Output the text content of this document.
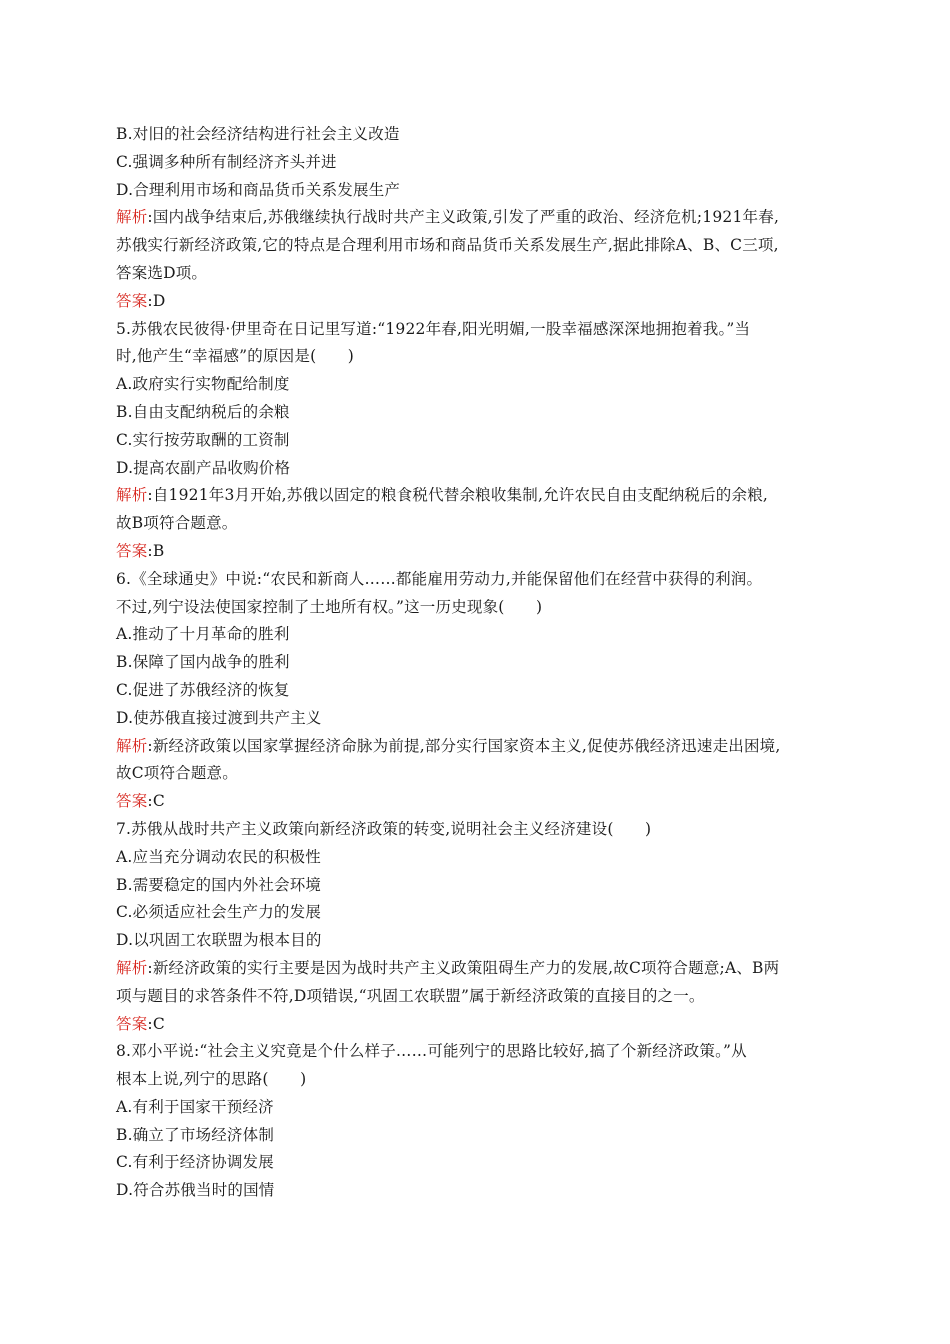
B.对旧的社会经济结构进行社会主义改造
C.强调多种所有制经济齐头并进
D.合理利用市场和商品货币关系发展生产
解析:国内战争结束后,苏俄继续执行战时共产主义政策,引发了严重的政治、经济危机;1921年春,
苏俄实行新经济政策,它的特点是合理利用市场和商品货币关系发展生产,据此排除A、B、C三项,
答案选D项。
答案:D
5.苏俄农民彼得·伊里奇在日记里写道:“1922年春,阳光明媚,一股幸福感深深地拥抱着我。”当
时,他产生“幸福感”的原因是(　　)
A.政府实行实物配给制度
B.自由支配纳税后的余粮
C.实行按劳取酬的工资制
D.提高农副产品收购价格
解析:自1921年3月开始,苏俄以固定的粮食税代替余粮收集制,允许农民自由支配纳税后的余粮,
故B项符合题意。
答案:B
6.《全球通史》中说:“农民和新商人……都能雇用劳动力,并能保留他们在经营中获得的利润。
不过,列宁设法使国家控制了土地所有权。”这一历史现象(　　)
A.推动了十月革命的胜利
B.保障了国内战争的胜利
C.促进了苏俄经济的恢复
D.使苏俄直接过渡到共产主义
解析:新经济政策以国家掌握经济命脉为前提,部分实行国家资本主义,促使苏俄经济迅速走出困境,
故C项符合题意。
答案:C
7.苏俄从战时共产主义政策向新经济政策的转变,说明社会主义经济建设(　　)
A.应当充分调动农民的积极性
B.需要稳定的国内外社会环境
C.必须适应社会生产力的发展
D.以巩固工农联盟为根本目的
解析:新经济政策的实行主要是因为战时共产主义政策阻碍生产力的发展,故C项符合题意;A、B两
项与题目的求答条件不符,D项错误,“巩固工农联盟”属于新经济政策的直接目的之一。
答案:C
8.邓小平说:“社会主义究竟是个什么样子……可能列宁的思路比较好,搞了个新经济政策。”从
根本上说,列宁的思路(　　)
A.有利于国家干预经济
B.确立了市场经济体制
C.有利于经济协调发展
D.符合苏俄当时的国情
